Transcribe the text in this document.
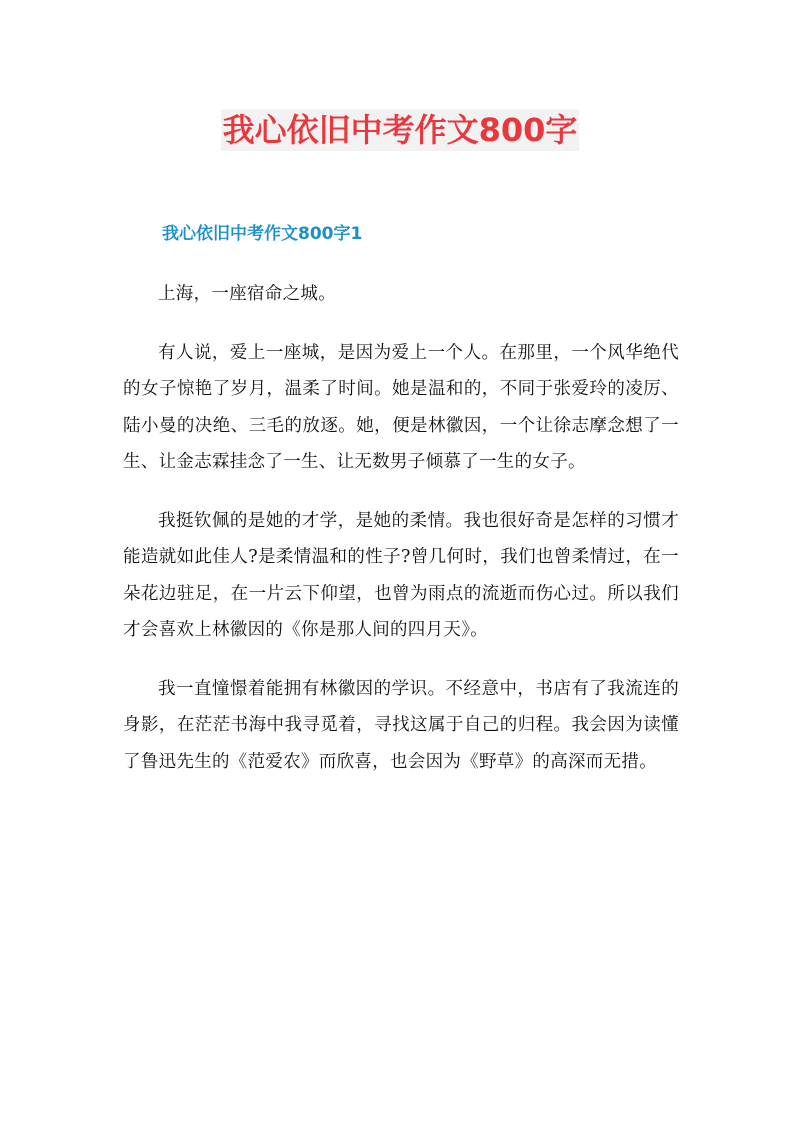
我心依旧中考作文800字
我心依旧中考作文800字1

上海，一座宿命之城。

有人说，爱上一座城，是因为爱上一个人。在那里，一个风华绝代的女子惊艳了岁月，温柔了时间。她是温和的，不同于张爱玲的凌厉、陆小曼的决绝、三毛的放逐。她，便是林徽因，一个让徐志摩念想了一生、让金志霖挂念了一生、让无数男子倾慕了一生的女子。

我挺钦佩的是她的才学，是她的柔情。我也很好奇是怎样的习惯才能造就如此佳人?是柔情温和的性子?曾几何时，我们也曾柔情过，在一朵花边驻足，在一片云下仰望，也曾为雨点的流逝而伤心过。所以我们才会喜欢上林徽因的《你是那人间的四月天》。

我一直憧憬着能拥有林徽因的学识。不经意中，书店有了我流连的身影，在茫茫书海中我寻觅着，寻找这属于自己的归程。我会因为读懂了鲁迅先生的《范爱农》而欣喜，也会因为《野草》的高深而无措。
